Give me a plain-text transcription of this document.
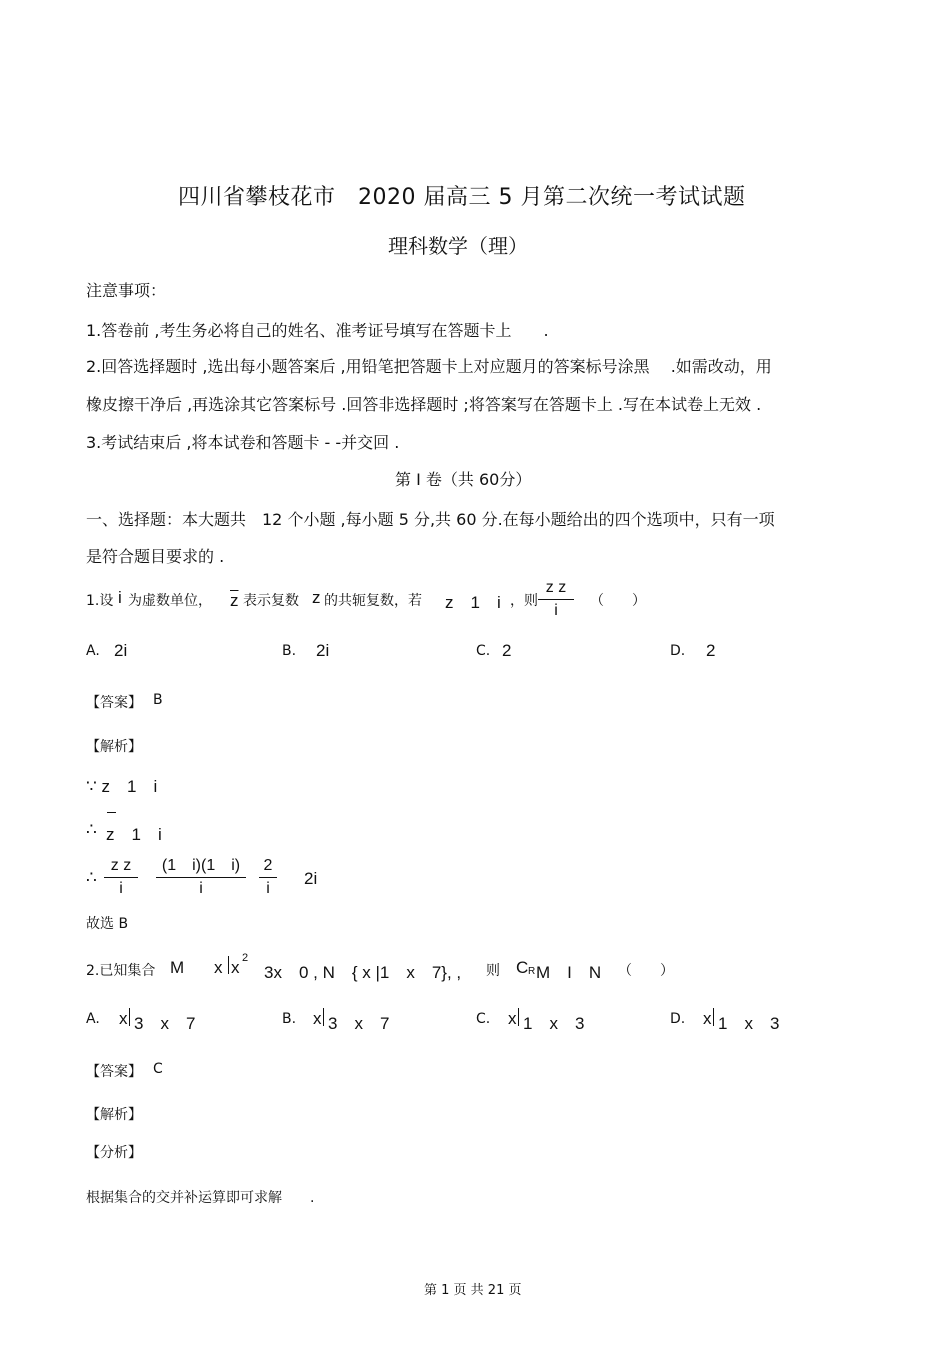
四川省攀枝花市　2020 届高三 5 月第二次统一考试试题
理科数学（理）
注意事项：
1.答卷前 ,考生务必将自己的姓名、准考证号填写在答题卡上　　.
2.回答选择题时 ,选出每小题答案后 ,用铅笔把答题卡上对应题月的答案标号涂黑　 .如需改动，用
橡皮擦干净后 ,再选涂其它答案标号 .回答非选择题时 ;将答案写在答题卡上 .写在本试卷上无效 .
3.考试结束后 ,将本试卷和答题卡 - -并交回 .
第 I 卷（共 60分）
一、选择题：本大题共　12 个小题 ,每小题 5 分,共 60 分.在每小题给出的四个选项中，只有一项
是符合题目要求的 .
1.设 i 为虚数单位， $\overline{z}$ 表示复数 z 的共轭复数，若 z　1　i ，则
z z
i
（　　）
A. 2i	B. 2i	C. 2	D. 2
【答案】 B
【解析】
∵ z　1　i
∴ z　1　i
∴
z z
i
(1　i)(1　i)
i
2
i
2i
故选 B
2.已知集合 M x x 2
3x　0 , N　{ x |1　x　7}, , 则 C R M　I　N （　　）
A. x 3　x　7	B. x 3　x　7	C. x 1　x　3	D. x 1　x　3
【答案】 C
【解析】
【分析】
根据集合的交并补运算即可求解　　.
第 1 页 共 21 页
